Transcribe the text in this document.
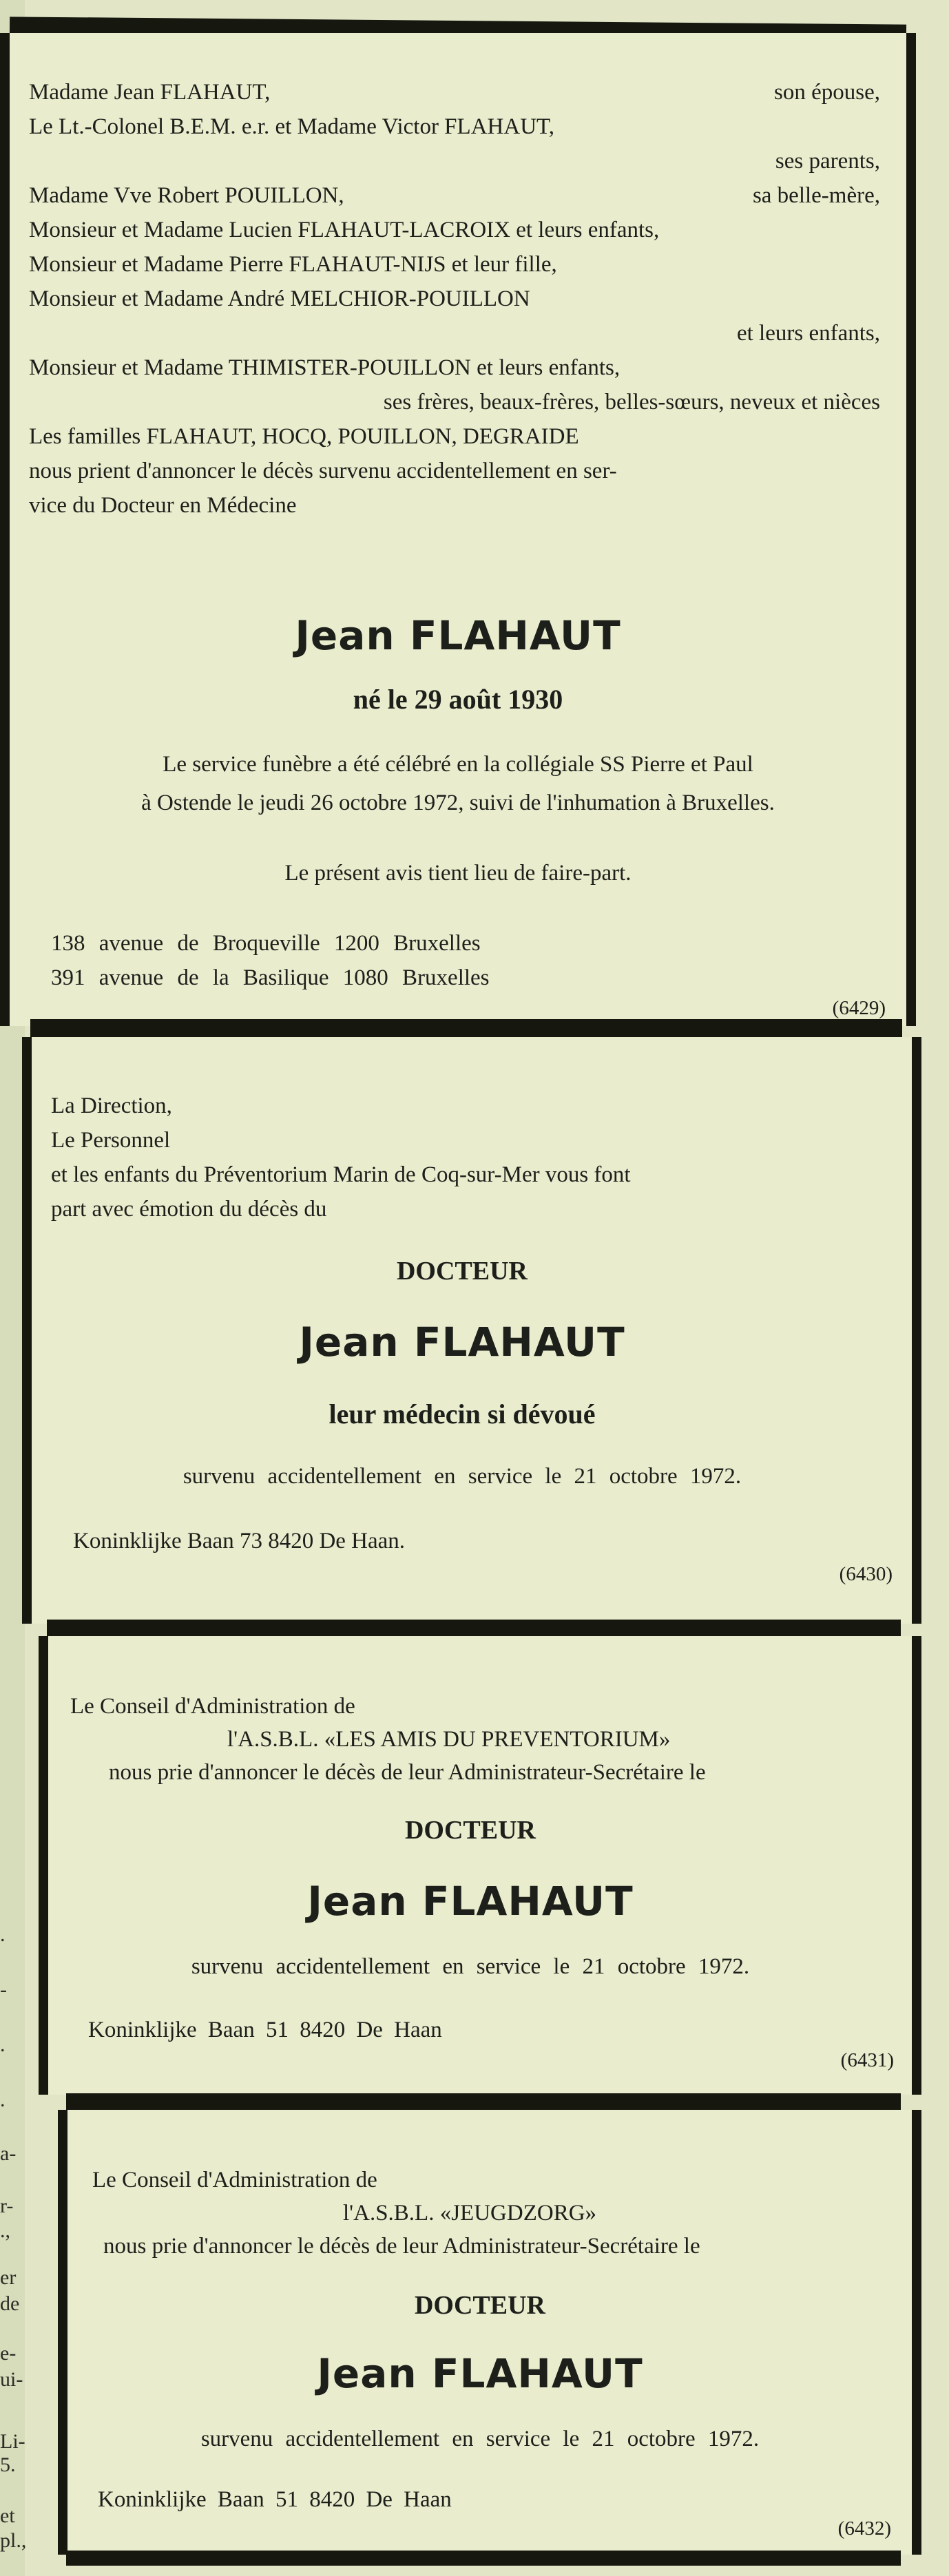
.
-
.
.
a-
r-
.,
er
de
e-
ui-
Li-
5.
et
pl.,
Madame Jean FLAHAUT,	son épouse,
Le Lt.-Colonel B.E.M. e.r. et Madame Victor FLAHAUT,
ses parents,
Madame Vve Robert POUILLON,	sa belle-mère,
Monsieur et Madame Lucien FLAHAUT-LACROIX et leurs enfants,
Monsieur et Madame Pierre FLAHAUT-NIJS et leur fille,
Monsieur et Madame André MELCHIOR-POUILLON
et leurs enfants,
Monsieur et Madame THIMISTER-POUILLON et leurs enfants,
ses frères, beaux-frères, belles-sœurs, neveux et nièces
Les familles FLAHAUT, HOCQ, POUILLON, DEGRAIDE
nous prient d'annoncer le décès survenu accidentellement en ser-
vice du Docteur en Médecine
Jean FLAHAUT
né le 29 août 1930
Le service funèbre a été célébré en la collégiale SS Pierre et Paul
à Ostende le jeudi 26 octobre 1972, suivi de l'inhumation à Bruxelles.
Le présent avis tient lieu de faire-part.
138 avenue de Broqueville 1200 Bruxelles
391 avenue de la Basilique 1080 Bruxelles
(6429)
La Direction,
Le Personnel
et les enfants du Préventorium Marin de Coq-sur-Mer vous font
part avec émotion du décès du
DOCTEUR
Jean FLAHAUT
leur médecin si dévoué
survenu accidentellement en service le 21 octobre 1972.
Koninklijke Baan 73 8420 De Haan.
(6430)
Le Conseil d'Administration de
l'A.S.B.L. «LES AMIS DU PREVENTORIUM»
nous prie d'annoncer le décès de leur Administrateur-Secrétaire le
DOCTEUR
Jean FLAHAUT
survenu accidentellement en service le 21 octobre 1972.
Koninklijke Baan 51 8420 De Haan
(6431)
Le Conseil d'Administration de
l'A.S.B.L. «JEUGDZORG»
nous prie d'annoncer le décès de leur Administrateur-Secrétaire le
DOCTEUR
Jean FLAHAUT
survenu accidentellement en service le 21 octobre 1972.
Koninklijke Baan 51 8420 De Haan
(6432)
